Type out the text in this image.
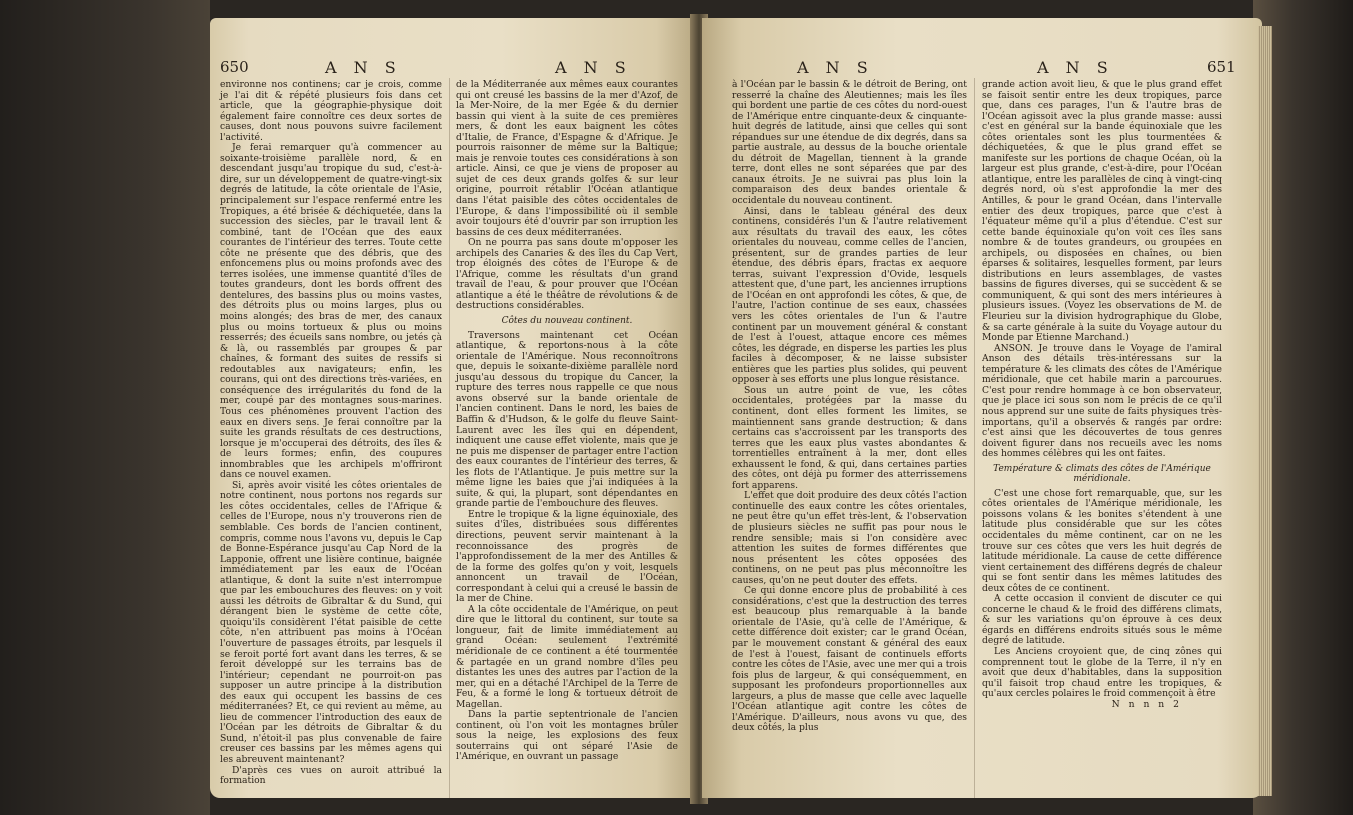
650	A N S	A N S

environne nos continens; car je crois, comme je l'ai dit & répété plusieurs fois dans cet article, que la géographie-physique doit également faire connoître ces deux sortes de causes, dont nous pouvons suivre facilement l'activité.

Je ferai remarquer qu'à commencer au soixante-troisième parallèle nord, & en descendant jusqu'au tropique du sud, c'est-à-dire, sur un développement de quatre-vingt-six degrés de latitude, la côte orientale de l'Asie, principalement sur l'espace renfermé entre les Tropiques, a été brisée & déchiquetée, dans la succession des siècles, par le travail lent & combiné, tant de l'Océan que des eaux courantes de l'intérieur des terres. Toute cette côte ne présente que des débris, que des enfoncemens plus ou moins profonds avec des terres isolées, une immense quantité d'îles de toutes grandeurs, dont les bords offrent des dentelures, des bassins plus ou moins vastes, des détroits plus ou moins larges, plus ou moins alongés; des bras de mer, des canaux plus ou moins tortueux & plus ou moins resserrés; des écueils sans nombre, ou jetés çà & là, ou rassemblés par groupes & par chaînes, & formant des suites de ressifs si redoutables aux navigateurs; enfin, les courans, qui ont des directions très-variées, en conséquence des irrégularités du fond de la mer, coupé par des montagnes sous-marines. Tous ces phénomènes prouvent l'action des eaux en divers sens. Je ferai connoître par la suite les grands résultats de ces destructions, lorsque je m'occuperai des détroits, des îles & de leurs formes; enfin, des coupures innombrables que les archipels m'offriront dans ce nouvel examen.

Si, après avoir visité les côtes orientales de notre continent, nous portons nos regards sur les côtes occidentales, celles de l'Afrique & celles de l'Europe, nous n'y trouverons rien de semblable. Ces bords de l'ancien continent, compris, comme nous l'avons vu, depuis le Cap de Bonne-Espérance jusqu'au Cap Nord de la Lapponie, offrent une lisière continue, baignée immédiatement par les eaux de l'Océan atlantique, & dont la suite n'est interrompue que par les embouchures des fleuves: on y voit aussi les détroits de Gibraltar & du Sund, qui dérangent bien le système de cette côte, quoiqu'ils considèrent l'état paisible de cette côte, n'en attribuent pas moins à l'Océan l'ouverture de passages étroits, par lesquels il se feroit porté fort avant dans les terres, & se feroit développé sur les terrains bas de l'intérieur; cependant ne pourroit-on pas supposer un autre principe à la distribution des eaux qui occupent les bassins de ces méditerranées? Et, ce qui revient au même, au lieu de commencer l'introduction des eaux de l'Océan par les détroits de Gibraltar & du Sund, n'étoit-il pas plus convenable de faire creuser ces bassins par les mêmes agens qui les abreuvent maintenant?

D'après ces vues on auroit attribué la formation

de la Méditerranée aux mêmes eaux courantes qui ont creusé les bassins de la mer d'Azof, de la Mer-Noire, de la mer Egée & du dernier bassin qui vient à la suite de ces premières mers, & dont les eaux baignent les côtes d'Italie, de France, d'Espagne & d'Afrique. Je pourrois raisonner de même sur la Baltique; mais je renvoie toutes ces considérations à son article. Ainsi, ce que je viens de proposer au sujet de ces deux grands golfes & sur leur origine, pourroit rétablir l'Océan atlantique dans l'état paisible des côtes occidentales de l'Europe, & dans l'impossibilité où il semble avoir toujours été d'ouvrir par son irruption les bassins de ces deux méditerranées.

On ne pourra pas sans doute m'opposer les archipels des Canaries & des îles du Cap Vert, trop éloignés des côtes de l'Europe & de l'Afrique, comme les résultats d'un grand travail de l'eau, & pour prouver que l'Océan atlantique a été le théâtre de révolutions & de destructions considérables.

Côtes du nouveau continent.

Traversons maintenant cet Océan atlantique, & reportons-nous à la côte orientale de l'Amérique. Nous reconnoîtrons que, depuis le soixante-dixième parallèle nord jusqu'au dessous du tropique du Cancer, la rupture des terres nous rappelle ce que nous avons observé sur la bande orientale de l'ancien continent. Dans le nord, les baies de Baffin & d'Hudson, & le golfe du fleuve Saint-Laurent avec les îles qui en dépendent, indiquent une cause effet violente, mais que je ne puis me dispenser de partager entre l'action des eaux courantes de l'intérieur des terres, & les flots de l'Atlantique. Je puis mettre sur la même ligne les baies que j'ai indiquées à la suite, & qui, la plupart, sont dépendantes en grande partie de l'embouchure des fleuves.

Entre le tropique & la ligne équinoxiale, des suites d'îles, distribuées sous différentes directions, peuvent servir maintenant à la reconnoissance des progrès de l'approfondissement de la mer des Antilles & de la forme des golfes qu'on y voit, lesquels annoncent un travail de l'Océan, correspondant à celui qui a creusé le bassin de la mer de Chine.

A la côte occidentale de l'Amérique, on peut dire que le littoral du continent, sur toute sa longueur, fait de limite immédiatement au grand Océan: seulement l'extrémité méridionale de ce continent a été tourmentée & partagée en un grand nombre d'îles peu distantes les unes des autres par l'action de la mer, qui en a détaché l'Archipel de la Terre de Feu, & a formé le long & tortueux détroit de Magellan.

Dans la partie septentrionale de l'ancien continent, où l'on voit les montagnes brûler sous la neige, les explosions des feux souterrains qui ont séparé l'Asie de l'Amérique, en ouvrant un passage

A N S	A N S	651

à l'Océan par le bassin & le détroit de Bering, ont resserré la chaîne des Aleutiennes; mais les îles qui bordent une partie de ces côtes du nord-ouest de l'Amérique entre cinquante-deux & cinquante-huit degrés de latitude, ainsi que celles qui sont répandues sur une étendue de dix degrés, dans sa partie australe, au dessus de la bouche orientale du détroit de Magellan, tiennent à la grande terre, dont elles ne sont séparées que par des canaux étroits. Je ne suivrai pas plus loin la comparaison des deux bandes orientale & occidentale du nouveau continent.

Ainsi, dans le tableau général des deux continens, considérés l'un & l'autre relativement aux résultats du travail des eaux, les côtes orientales du nouveau, comme celles de l'ancien, présentent, sur de grandes parties de leur étendue, des débris épars, fractas ex aequore terras, suivant l'expression d'Ovide, lesquels attestent que, d'une part, les anciennes irruptions de l'Océan en ont approfondi les côtes, & que, de l'autre, l'action continue de ses eaux, chassées vers les côtes orientales de l'un & l'autre continent par un mouvement général & constant de l'est à l'ouest, attaque encore ces mêmes côtes, les dégrade, en disperse les parties les plus faciles à décomposer, & ne laisse subsister entières que les parties plus solides, qui peuvent opposer à ses efforts une plus longue résistance.

Sous un autre point de vue, les côtes occidentales, protégées par la masse du continent, dont elles forment les limites, se maintiennent sans grande destruction; & dans certains cas s'accroissent par les transports des terres que les eaux plus vastes abondantes & torrentielles entraînent à la mer, dont elles exhaussent le fond, & qui, dans certaines parties des côtes, ont déjà pu former des atterrissemens fort apparens.

L'effet que doit produire des deux côtés l'action continuelle des eaux contre les côtes orientales, ne peut être qu'un effet très-lent, & l'observation de plusieurs siècles ne suffit pas pour nous le rendre sensible; mais si l'on considère avec attention les suites de formes différentes que nous présentent les côtes opposées des continens, on ne peut pas plus méconnoître les causes, qu'on ne peut douter des effets.

Ce qui donne encore plus de probabilité à ces considérations, c'est que la destruction des terres est beaucoup plus remarquable à la bande orientale de l'Asie, qu'à celle de l'Amérique, & cette différence doit exister; car le grand Océan, par le mouvement constant & général des eaux de l'est à l'ouest, faisant de continuels efforts contre les côtes de l'Asie, avec une mer qui a trois fois plus de largeur, & qui conséquemment, en supposant les profondeurs proportionnelles aux largeurs, a plus de masse que celle avec laquelle l'Océan atlantique agit contre les côtes de l'Amérique. D'ailleurs, nous avons vu que, des deux côtés, la plus

grande action avoit lieu, & que le plus grand effet se faisoit sentir entre les deux tropiques, parce que, dans ces parages, l'un & l'autre bras de l'Océan agissoit avec la plus grande masse: aussi c'est en général sur la bande équinoxiale que les côtes orientales sont les plus tourmentées & déchiquetées, & que le plus grand effet se manifeste sur les portions de chaque Océan, où la largeur est plus grande, c'est-à-dire, pour l'Océan atlantique, entre les parallèles de cinq à vingt-cinq degrés nord, où s'est approfondie la mer des Antilles, & pour le grand Océan, dans l'intervalle entier des deux tropiques, parce que c'est à l'équateur même qu'il a plus d'étendue. C'est sur cette bande équinoxiale qu'on voit ces îles sans nombre & de toutes grandeurs, ou groupées en archipels, ou disposées en chaînes, ou bien éparses & solitaires, lesquelles forment, par leurs distributions en leurs assemblages, de vastes bassins de figures diverses, qui se succèdent & se communiquent, & qui sont des mers intérieures à plusieurs issues. (Voyez les observations de M. de Fleurieu sur la division hydrographique du Globe, & sa carte générale à la suite du Voyage autour du Monde par Etienne Marchand.)

ANSON. Je trouve dans le Voyage de l'amiral Anson des détails très-intéressans sur la température & les climats des côtes de l'Amérique méridionale, que cet habile marin a parcourues. C'est pour rendre hommage à ce bon observateur, que je place ici sous son nom le précis de ce qu'il nous apprend sur une suite de faits physiques très-importans, qu'il a observés & rangés par ordre: c'est ainsi que les découvertes de tous genres doivent figurer dans nos recueils avec les noms des hommes célèbres qui les ont faites.

Température & climats des côtes de l'Amérique méridionale.

C'est une chose fort remarquable, que, sur les côtes orientales de l'Amérique méridionale, les poissons volans & les bonites s'étendent à une latitude plus considérable que sur les côtes occidentales du même continent, car on ne les trouve sur ces côtes que vers les huit degrés de latitude méridionale. La cause de cette différence vient certainement des différens degrés de chaleur qui se font sentir dans les mêmes latitudes des deux côtes de ce continent.

A cette occasion il convient de discuter ce qui concerne le chaud & le froid des différens climats, & sur les variations qu'on éprouve à ces deux égards en différens endroits situés sous le même degré de latitude.

Les Anciens croyoient que, de cinq zônes qui comprennent tout le globe de la Terre, il n'y en avoit que deux d'habitables, dans la supposition qu'il faisoit trop chaud entre les tropiques, & qu'aux cercles polaires le froid commençoit à être

N n n n 2
